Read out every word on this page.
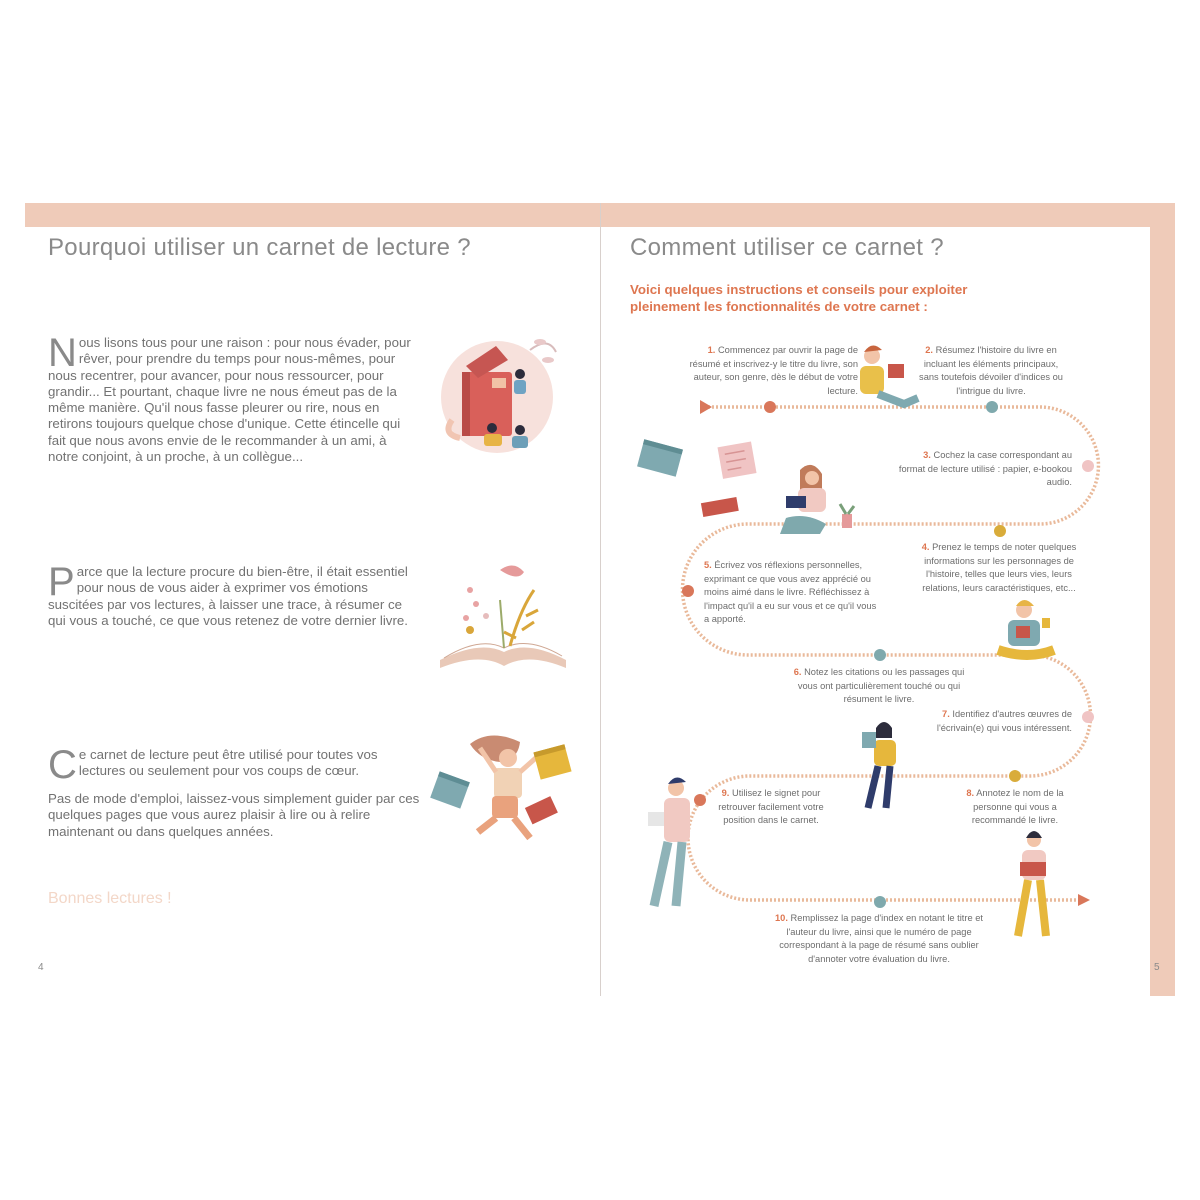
Pourquoi utiliser un carnet de lecture ?
Nous lisons tous pour une raison : pour nous évader, pour rêver, pour prendre du temps pour nous-mêmes, pour nous recentrer, pour avancer, pour nous ressourcer, pour grandir... Et pourtant, chaque livre ne nous émeut pas de la même manière. Qu'il nous fasse pleurer ou rire, nous en retirons toujours quelque chose d'unique. Cette étincelle qui fait que nous avons envie de le recommander à un ami, à notre conjoint, à un proche, à un collègue...
Parce que la lecture procure du bien-être, il était essentiel pour nous de vous aider à exprimer vos émotions suscitées par vos lectures, à laisser une trace, à résumer ce qui vous a touché, ce que vous retenez de votre dernier livre.
Ce carnet de lecture peut être utilisé pour toutes vos lectures ou seulement pour vos coups de cœur.
Pas de mode d'emploi, laissez-vous simplement guider par ces quelques pages que vous aurez plaisir à lire ou à relire maintenant ou dans quelques années.
Bonnes lectures !
4
Comment utiliser ce carnet ?
Voici quelques instructions et conseils pour exploiter pleinement les fonctionnalités de votre carnet :
5
1. Commencez par ouvrir la page de résumé et inscrivez-y le titre du livre, son auteur, son genre, dès le début de votre lecture.
2. Résumez l'histoire du livre en incluant les éléments principaux, sans toutefois dévoiler d'indices ou l'intrigue du livre.
3. Cochez la case correspondant au format de lecture utilisé : papier, e-bookou audio.
4. Prenez le temps de noter quelques informations sur les personnages de l'histoire, telles que leurs vies, leurs relations, leurs caractéristiques, etc...
5. Écrivez vos réflexions personnelles, exprimant ce que vous avez apprécié ou moins aimé dans le livre. Réfléchissez à l'impact qu'il a eu sur vous et ce qu'il vous a apporté.
6. Notez les citations ou les passages qui vous ont particulièrement touché ou qui résument le livre.
7. Identifiez d'autres œuvres de l'écrivain(e) qui vous intéressent.
8. Annotez le nom de la personne qui vous a recommandé le livre.
9. Utilisez le signet pour retrouver facilement votre position dans le carnet.
10. Remplissez la page d'index en notant le titre et l'auteur du livre, ainsi que le numéro de page correspondant à la page de résumé sans oublier d'annoter votre évaluation du livre.
